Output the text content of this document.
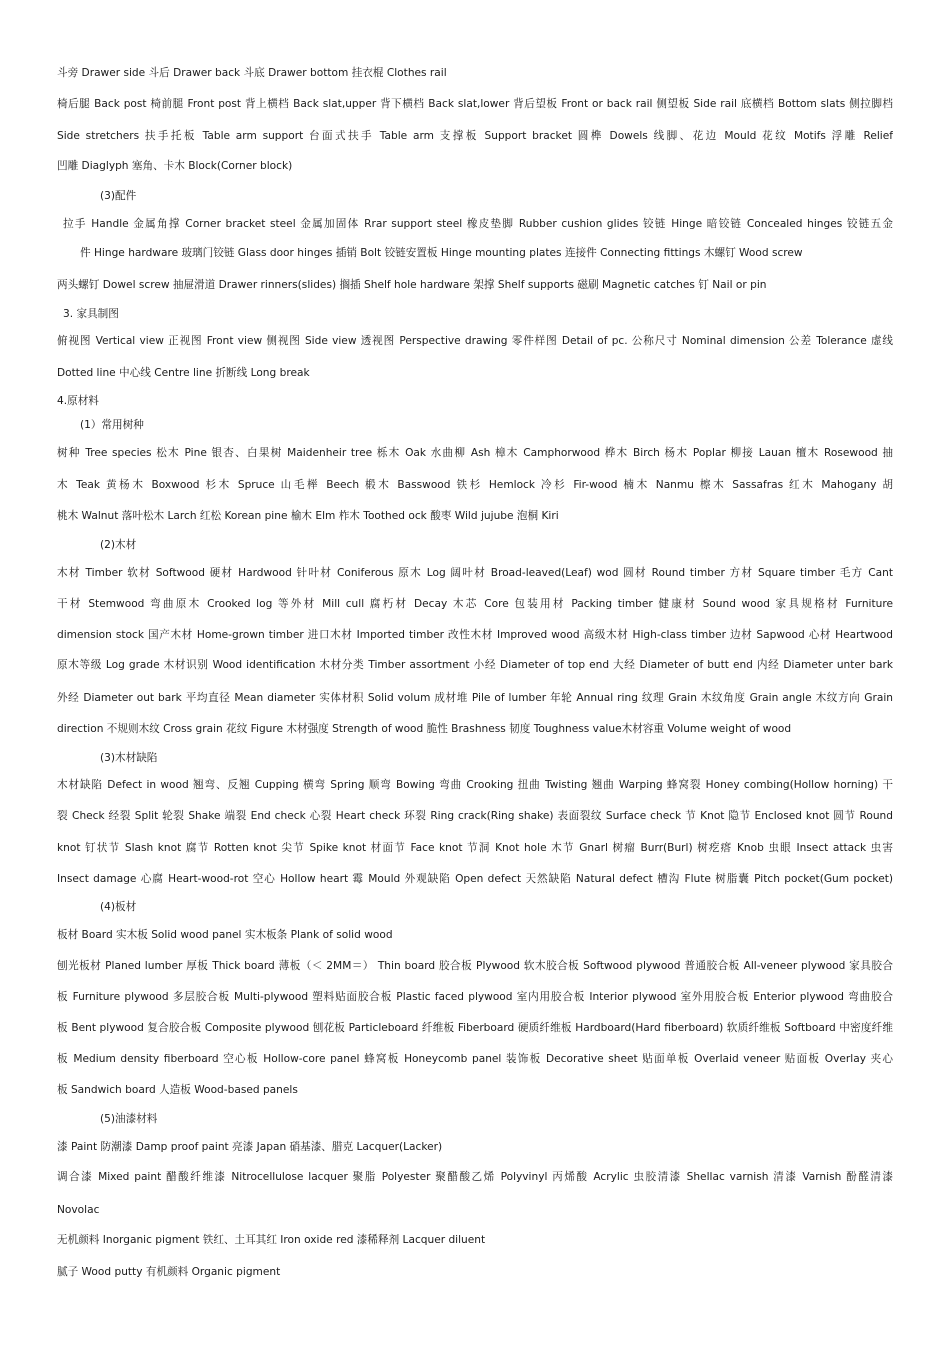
斗旁 Drawer side 斗后 Drawer back 斗底 Drawer bottom 挂衣棍 Clothes rail
椅后腿 Back post 椅前腿 Front post 背上横档 Back slat,upper 背下横档 Back slat,lower 背后望板 Front or back rail 侧望板 Side rail 底横档 Bottom slats 侧拉脚档
Side stretchers 扶手托板 Table arm support 台面式扶手 Table arm 支撑板 Support bracket 圆榫 Dowels 线脚、花边 Mould 花纹 Motifs 浮雕 Relief
凹雕 Diaglyph 塞角、卡木 Block(Corner block)
(3)配件
拉手 Handle 金属角撑 Corner bracket steel 金属加固体 Rrar support steel 橡皮垫脚 Rubber cushion glides 铰链 Hinge 暗铰链 Concealed hinges 铰链五金
件 Hinge hardware 玻璃门铰链 Glass door hinges 插销 Bolt 铰链安置板 Hinge mounting plates 连接件 Connecting fittings 木螺钉 Wood screw
两头螺钉 Dowel screw 抽屉滑道 Drawer rinners(slides) 搁插 Shelf hole hardware 架撑 Shelf supports 磁刷 Magnetic catches 钉 Nail or pin
3. 家具制图
俯视图 Vertical view 正视图 Front view 侧视图 Side view 透视图 Perspective drawing 零件样图 Detail of pc. 公称尺寸 Nominal dimension 公差 Tolerance 虚线
Dotted line 中心线 Centre line 折断线 Long break
4.原材料
(1）常用树种
树种 Tree species 松木 Pine 银杏、白果树 Maidenheir tree 栎木 Oak 水曲柳 Ash 樟木 Camphorwood 桦木 Birch 杨木 Poplar 柳接 Lauan 檀木 Rosewood 抽
木 Teak 黄杨木 Boxwood 杉木 Spruce 山毛榉 Beech 椴木 Basswood 铁杉 Hemlock 冷杉 Fir-wood 楠木 Nanmu 檫木 Sassafras 红木 Mahogany 胡
桃木 Walnut 落叶松木 Larch 红松 Korean pine 榆木 Elm 柞木 Toothed ock 酸枣 Wild jujube 泡桐 Kiri
(2)木材
木材 Timber 软材 Softwood 硬材 Hardwood 针叶材 Coniferous 原木 Log 阔叶材 Broad-leaved(Leaf) wod 圆材 Round timber 方材 Square timber 毛方 Cant
干材 Stemwood 弯曲原木 Crooked log 等外材 Mill cull 腐朽材 Decay 木芯 Core 包装用材 Packing timber 健康材 Sound wood 家具规格材 Furniture
dimension stock 国产木材 Home-grown timber 进口木材 Imported timber 改性木材 Improved wood 高级木材 High-class timber 边材 Sapwood 心材 Heartwood
原木等级 Log grade 木材识别 Wood identification 木材分类 Timber assortment 小经 Diameter of top end 大经 Diameter of butt end 内经 Diameter unter bark
外经 Diameter out bark 平均直径 Mean diameter 实体材积 Solid volum 成材堆 Pile of lumber 年轮 Annual ring 纹理 Grain 木纹角度 Grain angle 木纹方向 Grain
direction 不规则木纹 Cross grain 花纹 Figure 木材强度 Strength of wood 脆性 Brashness 韧度 Toughness value木材容重 Volume weight of wood
(3)木材缺陷
木材缺陷 Defect in wood 翘弯、反翘 Cupping 横弯 Spring 顺弯 Bowing 弯曲 Crooking 扭曲 Twisting 翘曲 Warping 蜂窝裂 Honey combing(Hollow horning) 干
裂 Check 经裂 Split 轮裂 Shake 端裂 End check 心裂 Heart check 环裂 Ring crack(Ring shake) 表面裂纹 Surface check 节 Knot 隐节 Enclosed knot 圆节 Round
knot 钉状节 Slash knot 腐节 Rotten knot 尖节 Spike knot 材面节 Face knot 节洞 Knot hole 木节 Gnarl 树瘤 Burr(Burl) 树疙瘩 Knob 虫眼 Insect attack 虫害
Insect damage 心腐 Heart-wood-rot 空心 Hollow heart 霉 Mould 外观缺陷 Open defect 天然缺陷 Natural defect 槽沟 Flute 树脂囊 Pitch pocket(Gum pocket)
(4)板材
板材 Board 实木板 Solid wood panel 实木板条 Plank of solid wood
刨光板材 Planed lumber 厚板 Thick board 薄板（＜ 2MM＝） Thin board 胶合板 Plywood 软木胶合板 Softwood plywood 普通胶合板 All-veneer plywood 家具胶合
板 Furniture plywood 多层胶合板 Multi-plywood 塑料贴面胶合板 Plastic faced plywood 室内用胶合板 Interior plywood 室外用胶合板 Enterior plywood 弯曲胶合
板 Bent plywood 复合胶合板 Composite plywood 刨花板 Particleboard 纤维板 Fiberboard 硬质纤维板 Hardboard(Hard fiberboard) 软质纤维板 Softboard 中密度纤维
板 Medium density fiberboard 空心板 Hollow-core panel 蜂窝板 Honeycomb panel 装饰板 Decorative sheet 贴面单板 Overlaid veneer 贴面板 Overlay 夹心
板 Sandwich board 人造板 Wood-based panels
(5)油漆材料
漆 Paint 防潮漆 Damp proof paint 亮漆 Japan 硝基漆、腊克 Lacquer(Lacker)
调合漆 Mixed paint 醋酸纤维漆 Nitrocellulose lacquer 聚脂 Polyester 聚醋酸乙烯 Polyvinyl 丙烯酸 Acrylic 虫胶清漆 Shellac varnish 清漆 Varnish 酚醛清漆
Novolac
无机颜料 Inorganic pigment 铁红、土耳其红 Iron oxide red 漆稀释剂 Lacquer diluent
腻子 Wood putty 有机颜料 Organic pigment
